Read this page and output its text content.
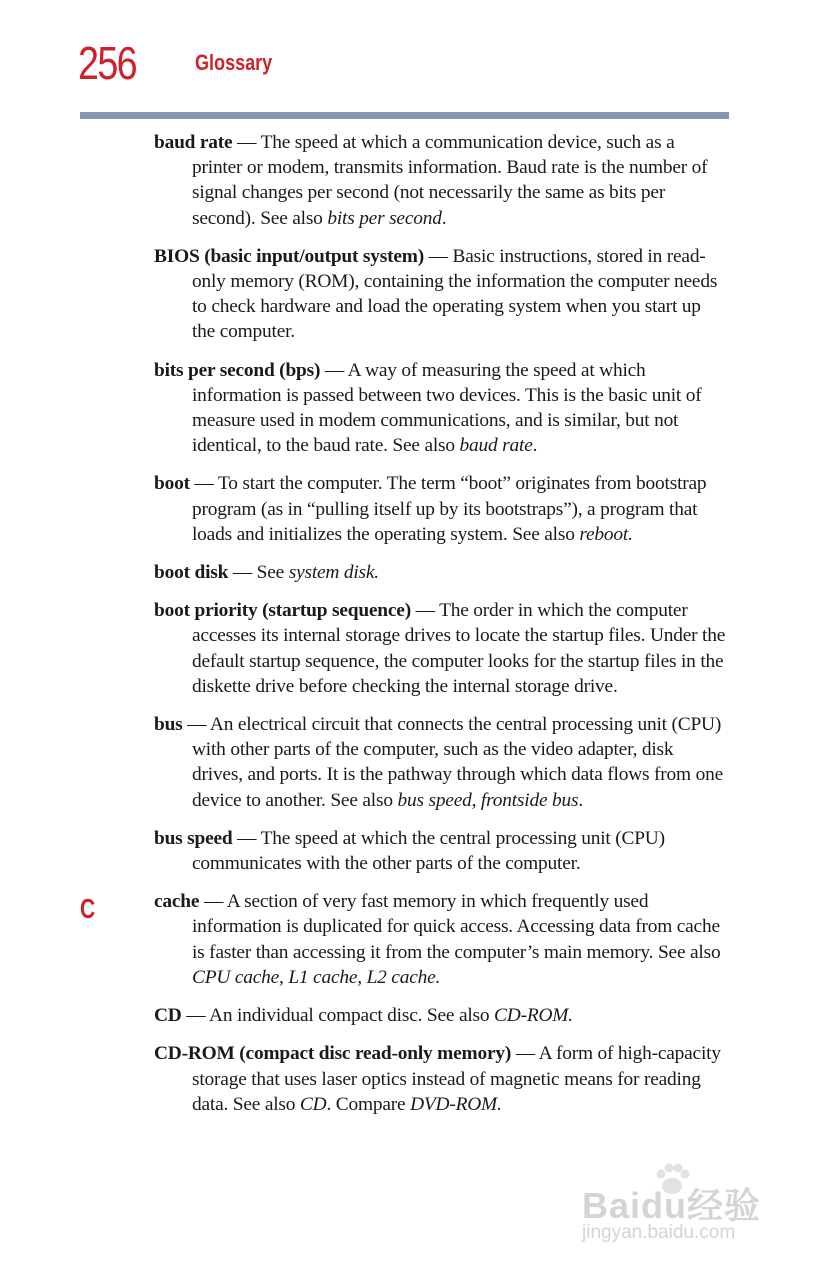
256	Glossary
C

baud rate — The speed at which a communication device, such as a printer or modem, transmits information. Baud rate is the number of signal changes per second (not necessarily the same as bits per second). See also bits per second.

BIOS (basic input/output system) — Basic instructions, stored in read-only memory (ROM), containing the information the computer needs to check hardware and load the operating system when you start up the computer.

bits per second (bps) — A way of measuring the speed at which information is passed between two devices. This is the basic unit of measure used in modem communications, and is similar, but not identical, to the baud rate. See also baud rate.

boot — To start the computer. The term “boot” originates from bootstrap program (as in “pulling itself up by its bootstraps”), a program that loads and initializes the operating system. See also reboot.

boot disk — See system disk.

boot priority (startup sequence) — The order in which the computer accesses its internal storage drives to locate the startup files. Under the default startup sequence, the computer looks for the startup files in the diskette drive before checking the internal storage drive.

bus — An electrical circuit that connects the central processing unit (CPU) with other parts of the computer, such as the video adapter, disk drives, and ports. It is the pathway through which data flows from one device to another. See also bus speed, frontside bus.

bus speed — The speed at which the central processing unit (CPU) communicates with the other parts of the computer.

cache — A section of very fast memory in which frequently used information is duplicated for quick access. Accessing data from cache is faster than accessing it from the computer’s main memory. See also CPU cache, L1 cache, L2 cache.

CD — An individual compact disc. See also CD-ROM.

CD-ROM (compact disc read-only memory) — A form of high-capacity storage that uses laser optics instead of magnetic means for reading data. See also CD. Compare DVD-ROM.

Baidu经验
jingyan.baidu.com
